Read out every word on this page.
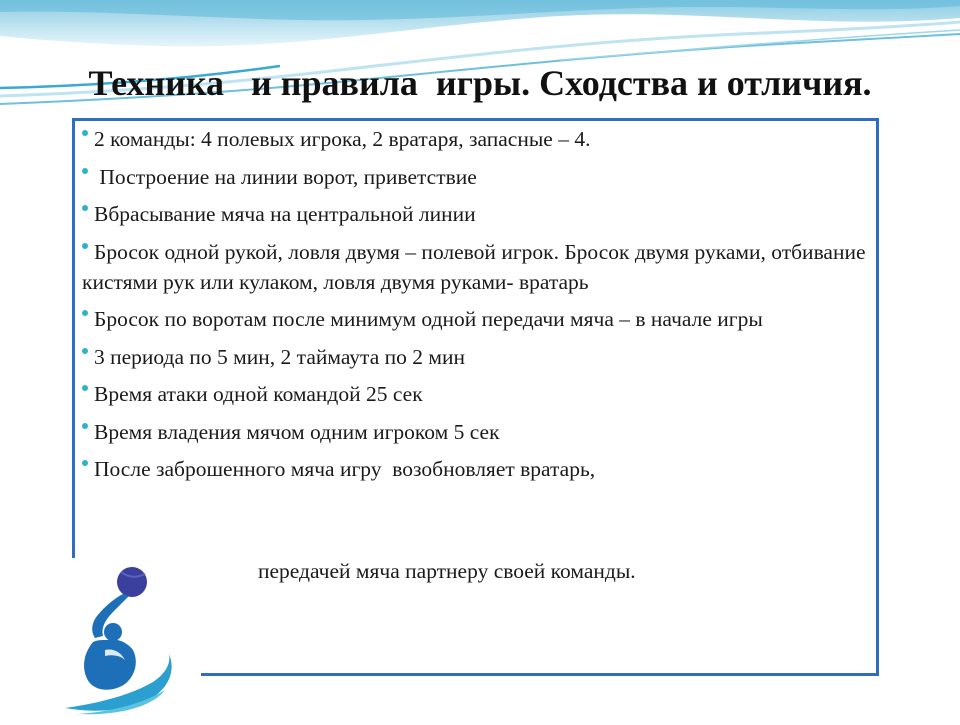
Техника   и правила  игры. Сходства и отличия.
2 команды: 4 полевых игрока, 2 вратаря, запасные – 4.
Построение на линии ворот, приветствие
Вбрасывание мяча на центральной линии
Бросок одной рукой, ловля двумя – полевой игрок. Бросок двумя руками, отбивание кистями рук или кулаком, ловля двумя руками- вратарь
Бросок по воротам после минимум одной передачи мяча – в начале игры
3 периода по 5 мин, 2 таймаута по 2 мин
Время атаки одной командой 25 сек
Время владения мячом одним игроком 5 сек
После заброшенного мяча игру  возобновляет вратарь,

передачей мяча партнеру своей команды.
